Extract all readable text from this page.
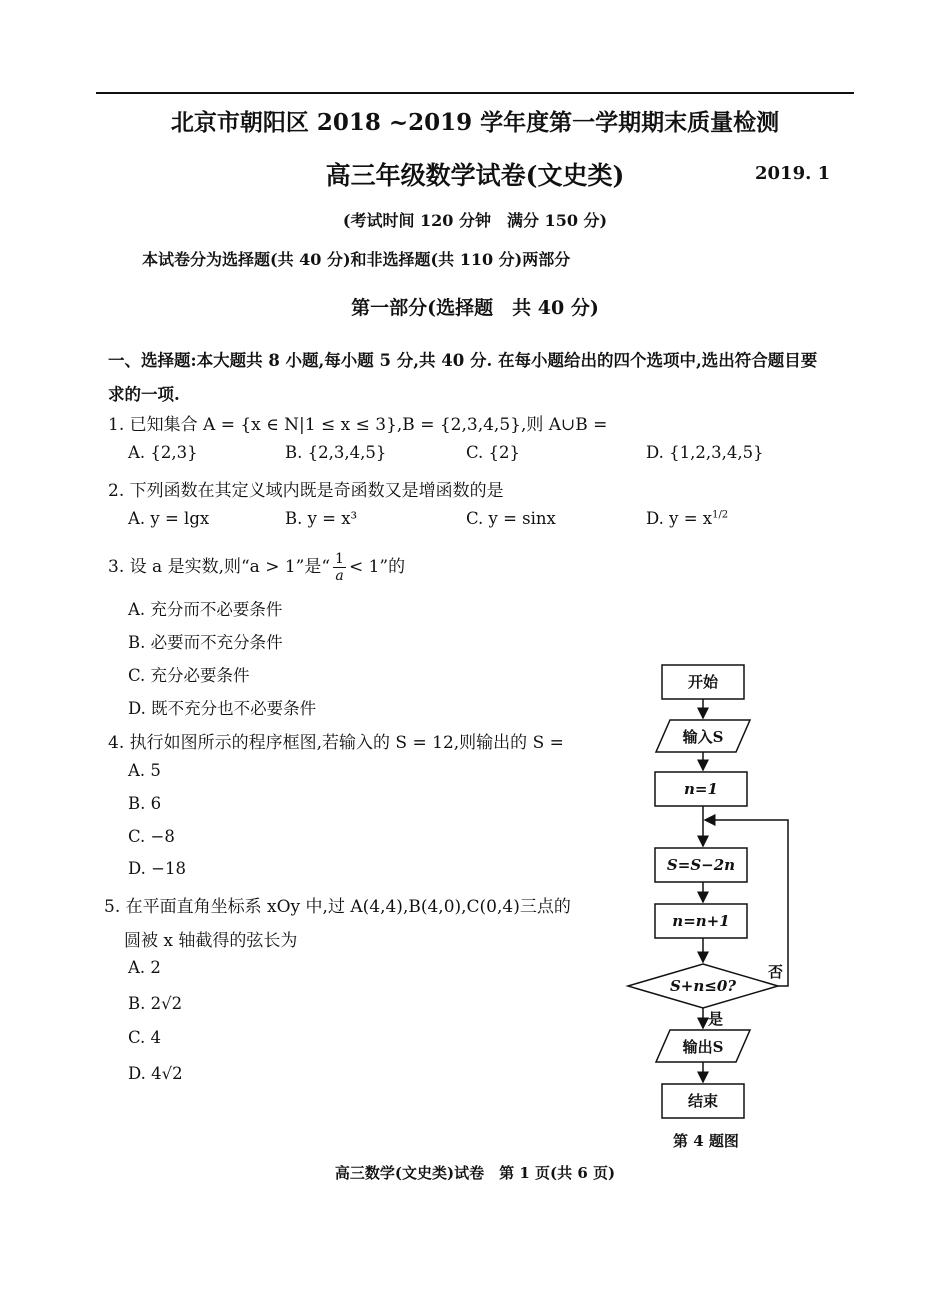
北京市朝阳区 2018 ~2019 学年度第一学期期末质量检测
高三年级数学试卷(文史类)	2019. 1
(考试时间 120 分钟　满分 150 分)
本试卷分为选择题(共 40 分)和非选择题(共 110 分)两部分
第一部分(选择题　共 40 分)
一、选择题:本大题共 8 小题,每小题 5 分,共 40 分. 在每小题给出的四个选项中,选出符合题目要求的一项.
1. 已知集合 A = {x ∈ N|1 ≤ x ≤ 3},B = {2,3,4,5},则 A∪B =
A. {2,3}	B. {2,3,4,5}	C. {2}	D. {1,2,3,4,5}
2. 下列函数在其定义域内既是奇函数又是增函数的是
A. y = lgx	B. y = x³	C. y = sinx	D. $y = x^{1/2}$
3. 设 a 是实数,则“a > 1”是“ $\frac{1}{a} < 1$”的
A. 充分而不必要条件
B. 必要而不充分条件
C. 充分必要条件
D. 既不充分也不必要条件
4. 执行如图所示的程序框图,若输入的 S = 12,则输出的 S =
A. 5
B. 6
C. −8
D. −18
5. 在平面直角坐标系 xOy 中,过 A(4,4),B(4,0),C(0,4)三点的
圆被 x 轴截得的弦长为
A. 2
B. 2√2
C. 4
D. 4√2
开始
输入S
n=1
S=S−2n
n=n+1
S+n≤0?
否
是
输出S
结束
第 4 题图
高三数学(文史类)试卷　第 1 页(共 6 页)
